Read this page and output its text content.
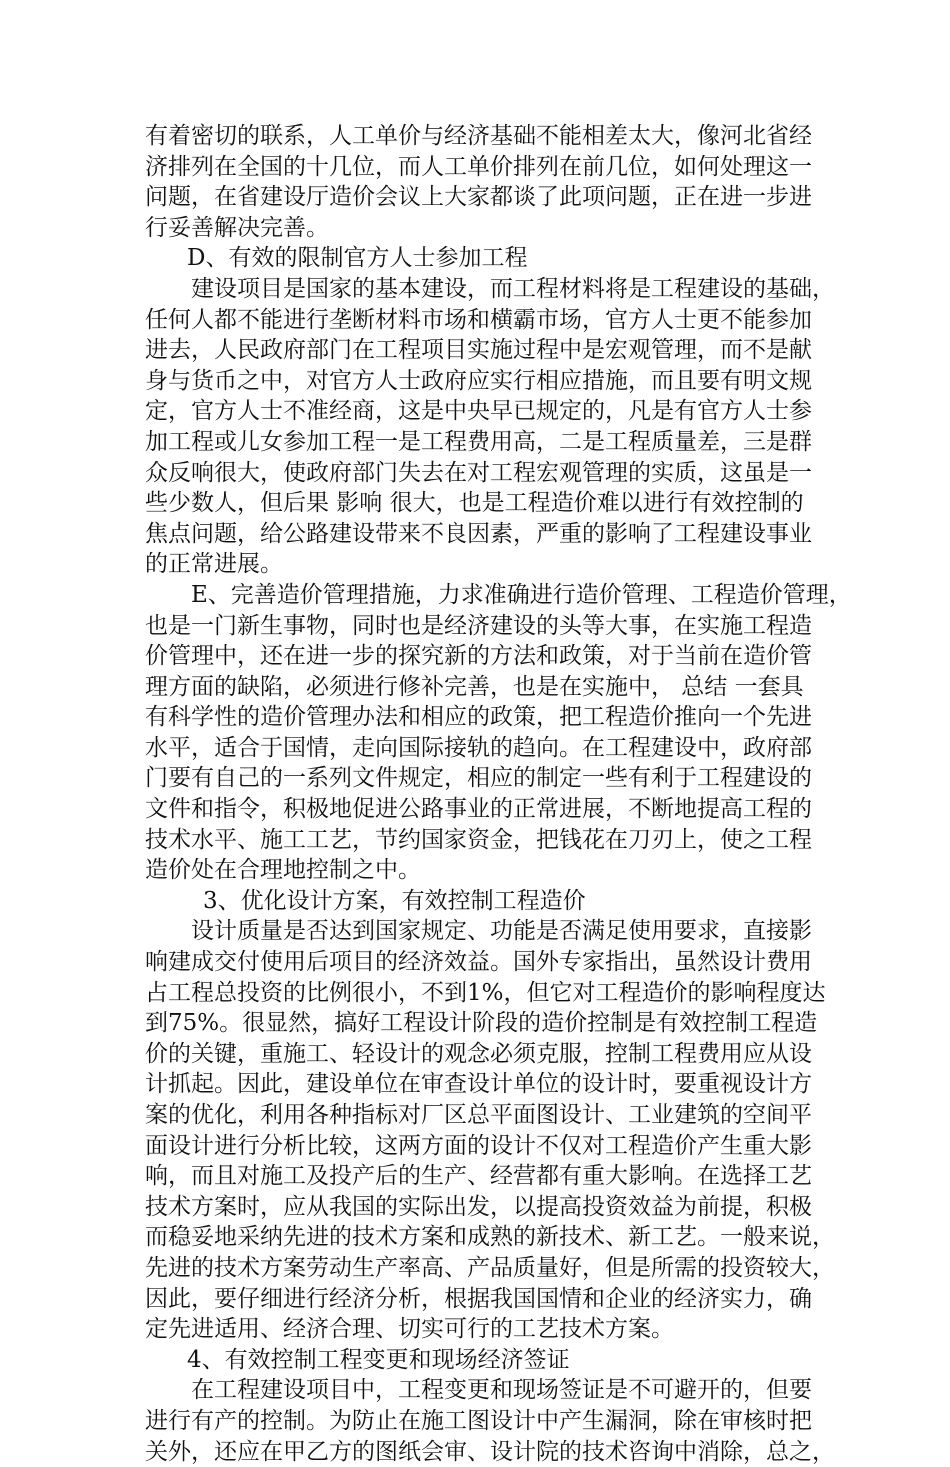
有着密切的联系，人工单价与经济基础不能相差太大，像河北省经
济排列在全国的十几位，而人工单价排列在前几位，如何处理这一
问题，在省建设厅造价会议上大家都谈了此项问题，正在进一步进
行妥善解决完善。
D、有效的限制官方人士参加工程
建设项目是国家的基本建设，而工程材料将是工程建设的基础，
任何人都不能进行垄断材料市场和横霸市场，官方人士更不能参加
进去，人民政府部门在工程项目实施过程中是宏观管理，而不是献
身与货币之中，对官方人士政府应实行相应措施，而且要有明文规
定，官方人士不准经商，这是中央早已规定的，凡是有官方人士参
加工程或儿女参加工程一是工程费用高，二是工程质量差，三是群
众反响很大，使政府部门失去在对工程宏观管理的实质，这虽是一
些少数人，但后果 影响 很大，也是工程造价难以进行有效控制的
焦点问题，给公路建设带来不良因素，严重的影响了工程建设事业
的正常进展。
E、完善造价管理措施，力求准确进行造价管理、工程造价管理，
也是一门新生事物，同时也是经济建设的头等大事，在实施工程造
价管理中，还在进一步的探究新的方法和政策，对于当前在造价管
理方面的缺陷，必须进行修补完善，也是在实施中， 总结 一套具
有科学性的造价管理办法和相应的政策，把工程造价推向一个先进
水平，适合于国情，走向国际接轨的趋向。在工程建设中，政府部
门要有自己的一系列文件规定，相应的制定一些有利于工程建设的
文件和指令，积极地促进公路事业的正常进展，不断地提高工程的
技术水平、施工工艺，节约国家资金，把钱花在刀刃上，使之工程
造价处在合理地控制之中。
3、优化设计方案，有效控制工程造价
设计质量是否达到国家规定、功能是否满足使用要求，直接影
响建成交付使用后项目的经济效益。国外专家指出，虽然设计费用
占工程总投资的比例很小，不到1%，但它对工程造价的影响程度达
到75%。很显然，搞好工程设计阶段的造价控制是有效控制工程造
价的关键，重施工、轻设计的观念必须克服，控制工程费用应从设
计抓起。因此，建设单位在审查设计单位的设计时，要重视设计方
案的优化，利用各种指标对厂区总平面图设计、工业建筑的空间平
面设计进行分析比较，这两方面的设计不仅对工程造价产生重大影
响，而且对施工及投产后的生产、经营都有重大影响。在选择工艺
技术方案时，应从我国的实际出发，以提高投资效益为前提，积极
而稳妥地采纳先进的技术方案和成熟的新技术、新工艺。一般来说，
先进的技术方案劳动生产率高、产品质量好，但是所需的投资较大，
因此，要仔细进行经济分析，根据我国国情和企业的经济实力，确
定先进适用、经济合理、切实可行的工艺技术方案。
4、有效控制工程变更和现场经济签证
在工程建设项目中，工程变更和现场签证是不可避开的，但要
进行有产的控制。为防止在施工图设计中产生漏洞，除在审核时把
关外，还应在甲乙方的图纸会审、设计院的技术咨询中消除，总之，
